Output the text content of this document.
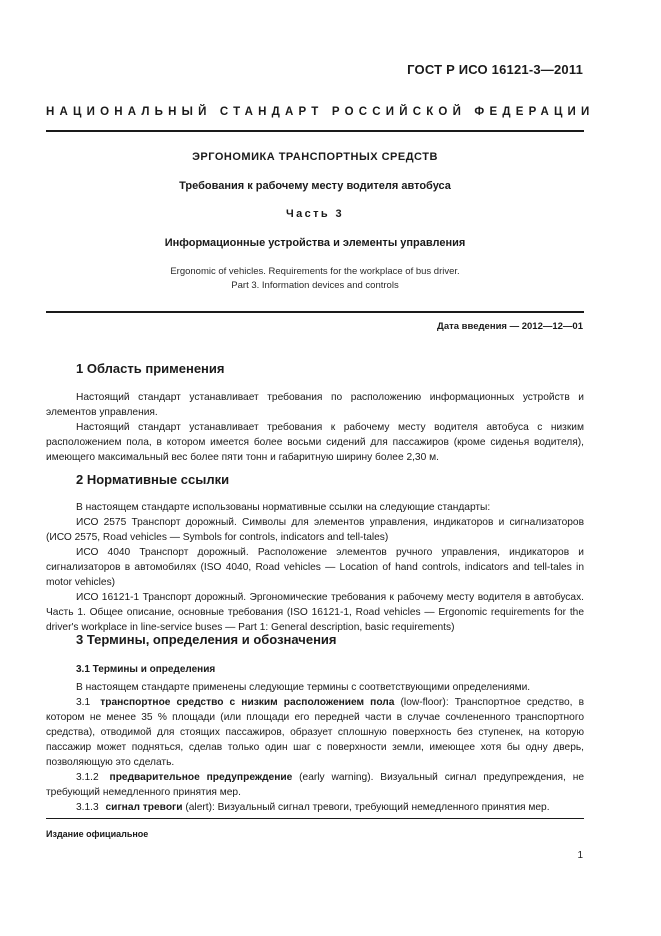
ГОСТ Р ИСО 16121-3—2011
НАЦИОНАЛЬНЫЙ СТАНДАРТ РОССИЙСКОЙ ФЕДЕРАЦИИ
ЭРГОНОМИКА ТРАНСПОРТНЫХ СРЕДСТВ
Требования к рабочему месту водителя автобуса
Часть 3
Информационные устройства и элементы управления
Ergonomic of vehicles. Requirements for the workplace of bus driver.
Part 3. Information devices and controls
Дата введения — 2012—12—01
1 Область применения

Настоящий стандарт устанавливает требования по расположению информационных устройств и элементов управления.

Настоящий стандарт устанавливает требования к рабочему месту водителя автобуса с низким расположением пола, в котором имеется более восьми сидений для пассажиров (кроме сиденья водителя), имеющего максимальный вес более пяти тонн и габаритную ширину более 2,30 м.

2 Нормативные ссылки

В настоящем стандарте использованы нормативные ссылки на следующие стандарты:

ИСО 2575 Транспорт дорожный. Символы для элементов управления, индикаторов и сигнализаторов (ИСО 2575, Road vehicles — Symbols for controls, indicators and tell-tales)

ИСО 4040 Транспорт дорожный. Расположение элементов ручного управления, индикаторов и сигнализаторов в автомобилях (ISO 4040, Road vehicles — Location of hand controls, indicators and tell-tales in motor vehicles)

ИСО 16121-1 Транспорт дорожный. Эргономические требования к рабочему месту водителя в автобусах. Часть 1. Общее описание, основные требования (ISO 16121-1, Road vehicles — Ergonomic requirements for the driver's workplace in line-service buses — Part 1: General description, basic requirements)

3 Термины, определения и обозначения
3.1 Термины и определения

В настоящем стандарте применены следующие термины с соответствующими определениями.

3.1 транспортное средство с низким расположением пола (low-floor): Транспортное средство, в котором не менее 35 % площади (или площади его передней части в случае сочлененного транспортного средства), отводимой для стоящих пассажиров, образует сплошную поверхность без ступенек, на которую пассажир может подняться, сделав только один шаг с поверхности земли, имеющее хотя бы одну дверь, позволяющую это сделать.

3.1.2 предварительное предупреждение (early warning). Визуальный сигнал предупреждения, не требующий немедленного принятия мер.

3.1.3 сигнал тревоги (alert): Визуальный сигнал тревоги, требующий немедленного принятия мер.

Издание официальное
1
